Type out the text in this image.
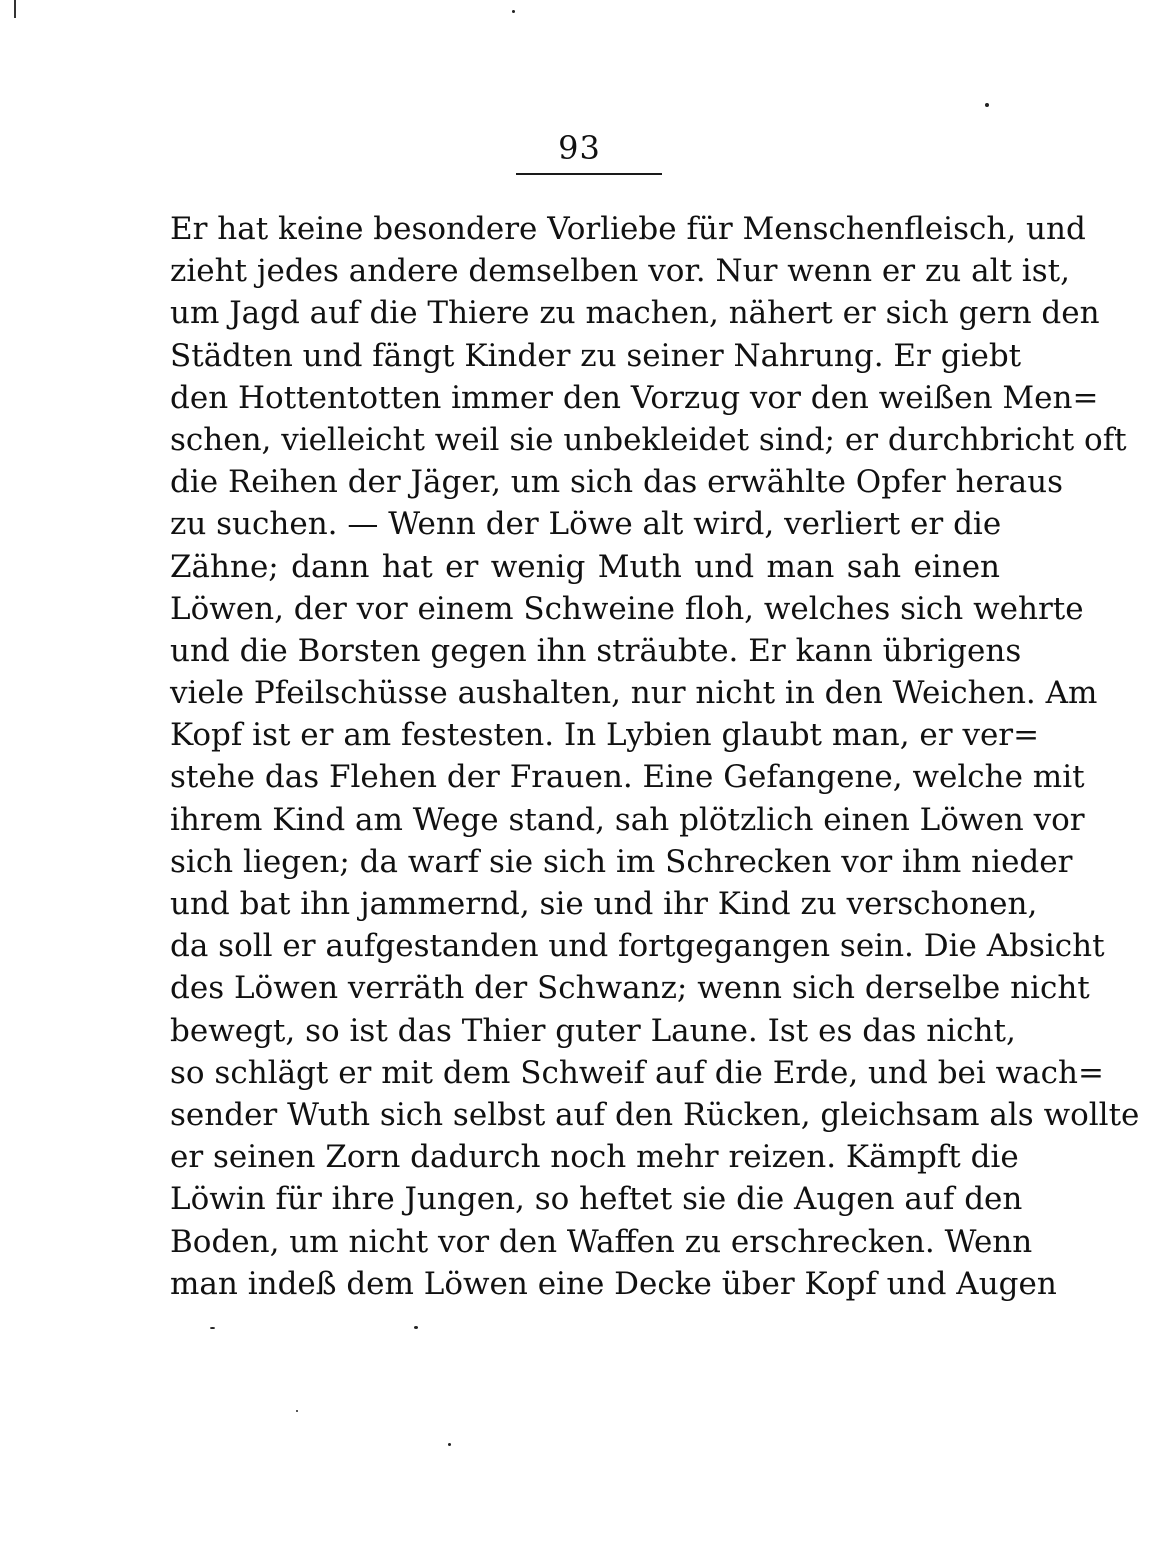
93
Er hat keine besondere Vorliebe für Menschenfleisch, und
zieht jedes andere demselben vor. Nur wenn er zu alt ist,
um Jagd auf die Thiere zu machen, nähert er sich gern den
Städten und fängt Kinder zu seiner Nahrung. Er giebt
den Hottentotten immer den Vorzug vor den weißen Men=
schen, vielleicht weil sie unbekleidet sind; er durchbricht oft
die Reihen der Jäger, um sich das erwählte Opfer heraus
zu suchen. — Wenn der Löwe alt wird, verliert er die
Zähne; dann hat er wenig Muth und man sah einen
Löwen, der vor einem Schweine floh, welches sich wehrte
und die Borsten gegen ihn sträubte. Er kann übrigens
viele Pfeilschüsse aushalten, nur nicht in den Weichen. Am
Kopf ist er am festesten. In Lybien glaubt man, er ver=
stehe das Flehen der Frauen. Eine Gefangene, welche mit
ihrem Kind am Wege stand, sah plötzlich einen Löwen vor
sich liegen; da warf sie sich im Schrecken vor ihm nieder
und bat ihn jammernd, sie und ihr Kind zu verschonen,
da soll er aufgestanden und fortgegangen sein. Die Absicht
des Löwen verräth der Schwanz; wenn sich derselbe nicht
bewegt, so ist das Thier guter Laune. Ist es das nicht,
so schlägt er mit dem Schweif auf die Erde, und bei wach=
sender Wuth sich selbst auf den Rücken, gleichsam als wollte
er seinen Zorn dadurch noch mehr reizen. Kämpft die
Löwin für ihre Jungen, so heftet sie die Augen auf den
Boden, um nicht vor den Waffen zu erschrecken. Wenn
man indeß dem Löwen eine Decke über Kopf und Augen
